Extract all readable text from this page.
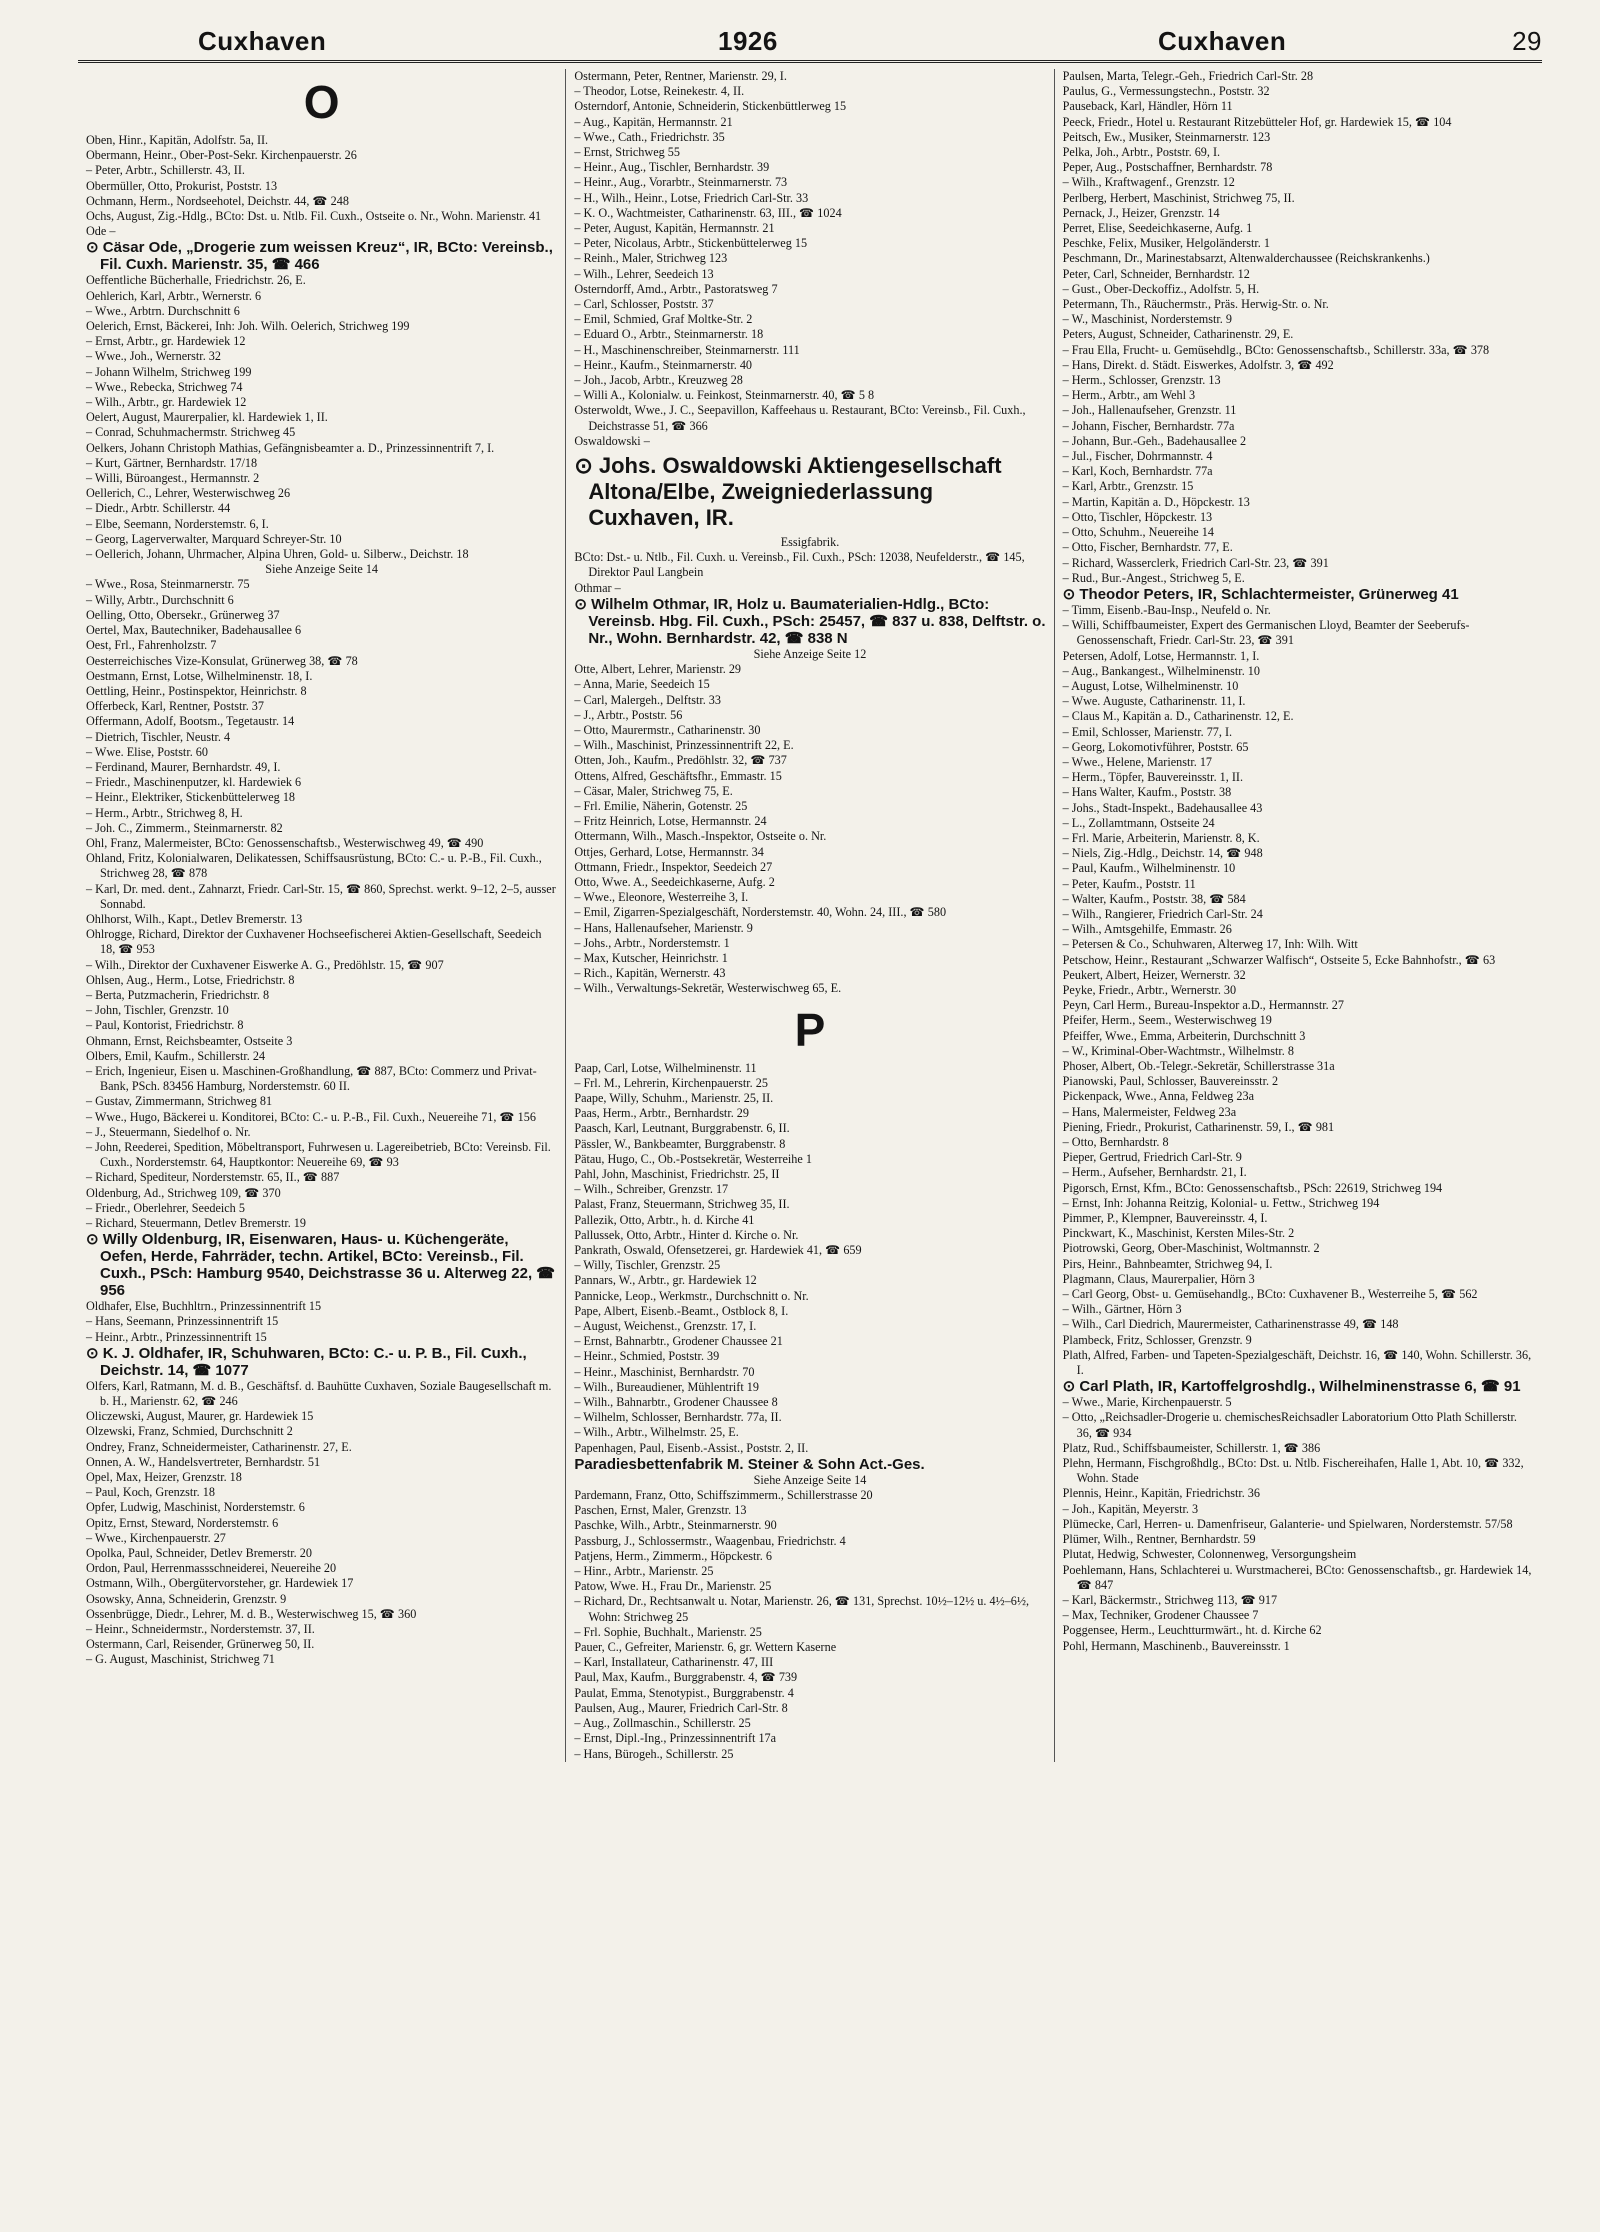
Cuxhaven	1926	Cuxhaven	29

O

Oben, Hinr., Kapitän, Adolfstr. 5a, II.

Obermann, Heinr., Ober-Post-Sekr. Kirchenpauerstr. 26

– Peter, Arbtr., Schillerstr. 43, II.

Obermüller, Otto, Prokurist, Poststr. 13

Ochmann, Herm., Nordseehotel, Deichstr. 44, ☎ 248

Ochs, August, Zig.-Hdlg., BCto: Dst. u. Ntlb. Fil. Cuxh., Ostseite o. Nr., Wohn. Marienstr. 41

Ode –

⊙ Cäsar Ode, „Drogerie zum weissen Kreuz“, IR, BCto: Vereinsb., Fil. Cuxh. Marienstr. 35, ☎ 466

Oeffentliche Bücherhalle, Friedrichstr. 26, E.

Oehlerich, Karl, Arbtr., Wernerstr. 6

– Wwe., Arbtrn. Durchschnitt 6

Oelerich, Ernst, Bäckerei, Inh: Joh. Wilh. Oelerich, Strichweg 199

– Ernst, Arbtr., gr. Hardewiek 12

– Wwe., Joh., Wernerstr. 32

– Johann Wilhelm, Strichweg 199

– Wwe., Rebecka, Strichweg 74

– Wilh., Arbtr., gr. Hardewiek 12

Oelert, August, Maurerpalier, kl. Hardewiek 1, II.

– Conrad, Schuhmachermstr. Strichweg 45

Oelkers, Johann Christoph Mathias, Gefängnisbeamter a. D., Prinzessinnentrift 7, I.

– Kurt, Gärtner, Bernhardstr. 17/18

– Willi, Büroangest., Hermannstr. 2

Oellerich, C., Lehrer, Westerwischweg 26

– Diedr., Arbtr. Schillerstr. 44

– Elbe, Seemann, Norderstemstr. 6, I.

– Georg, Lagerverwalter, Marquard Schreyer-Str. 10

– Oellerich, Johann, Uhrmacher, Alpina Uhren, Gold- u. Silberw., Deichstr. 18

Siehe Anzeige Seite 14

– Wwe., Rosa, Steinmarnerstr. 75

– Willy, Arbtr., Durchschnitt 6

Oelling, Otto, Obersekr., Grünerweg 37

Oertel, Max, Bautechniker, Badehausallee 6

Oest, Frl., Fahrenholzstr. 7

Oesterreichisches Vize-Konsulat, Grünerweg 38, ☎ 78

Oestmann, Ernst, Lotse, Wilhelminenstr. 18, I.

Oettling, Heinr., Postinspektor, Heinrichstr. 8

Offerbeck, Karl, Rentner, Poststr. 37

Offermann, Adolf, Bootsm., Tegetaustr. 14

– Dietrich, Tischler, Neustr. 4

– Wwe. Elise, Poststr. 60

– Ferdinand, Maurer, Bernhardstr. 49, I.

– Friedr., Maschinenputzer, kl. Hardewiek 6

– Heinr., Elektriker, Stickenbüttelerweg 18

– Herm., Arbtr., Strichweg 8, H.

– Joh. C., Zimmerm., Steinmarnerstr. 82

Ohl, Franz, Malermeister, BCto: Genossenschaftsb., Westerwischweg 49, ☎ 490

Ohland, Fritz, Kolonialwaren, Delikatessen, Schiffsausrüstung, BCto: C.- u. P.-B., Fil. Cuxh., Strichweg 28, ☎ 878

– Karl, Dr. med. dent., Zahnarzt, Friedr. Carl-Str. 15, ☎ 860, Sprechst. werkt. 9–12, 2–5, ausser Sonnabd.

Ohlhorst, Wilh., Kapt., Detlev Bremerstr. 13

Ohlrogge, Richard, Direktor der Cuxhavener Hochseefischerei Aktien-Gesellschaft, Seedeich 18, ☎ 953

– Wilh., Direktor der Cuxhavener Eiswerke A. G., Predöhlstr. 15, ☎ 907

Ohlsen, Aug., Herm., Lotse, Friedrichstr. 8

– Berta, Putzmacherin, Friedrichstr. 8

– John, Tischler, Grenzstr. 10

– Paul, Kontorist, Friedrichstr. 8

Ohmann, Ernst, Reichsbeamter, Ostseite 3

Olbers, Emil, Kaufm., Schillerstr. 24

– Erich, Ingenieur, Eisen u. Maschinen-Großhandlung, ☎ 887, BCto: Commerz und Privat-Bank, PSch. 83456 Hamburg, Norderstemstr. 60 II.

– Gustav, Zimmermann, Strichweg 81

– Wwe., Hugo, Bäckerei u. Konditorei, BCto: C.- u. P.-B., Fil. Cuxh., Neuereihe 71, ☎ 156

– J., Steuermann, Siedelhof o. Nr.

– John, Reederei, Spedition, Möbeltransport, Fuhrwesen u. Lagereibetrieb, BCto: Vereinsb. Fil. Cuxh., Norderstemstr. 64, Hauptkontor: Neuereihe 69, ☎ 93

– Richard, Spediteur, Norderstemstr. 65, II., ☎ 887

Oldenburg, Ad., Strichweg 109, ☎ 370

– Friedr., Oberlehrer, Seedeich 5

– Richard, Steuermann, Detlev Bremerstr. 19

⊙ Willy Oldenburg, IR, Eisenwaren, Haus- u. Küchengeräte, Oefen, Herde, Fahrräder, techn. Artikel, BCto: Vereinsb., Fil. Cuxh., PSch: Hamburg 9540, Deichstrasse 36 u. Alterweg 22, ☎ 956

Oldhafer, Else, Buchhltrn., Prinzessinnentrift 15

– Hans, Seemann, Prinzessinnentrift 15

– Heinr., Arbtr., Prinzessinnentrift 15

⊙ K. J. Oldhafer, IR, Schuhwaren, BCto: C.- u. P. B., Fil. Cuxh., Deichstr. 14, ☎ 1077

Olfers, Karl, Ratmann, M. d. B., Geschäftsf. d. Bauhütte Cuxhaven, Soziale Baugesellschaft m. b. H., Marienstr. 62, ☎ 246

Oliczewski, August, Maurer, gr. Hardewiek 15

Olzewski, Franz, Schmied, Durchschnitt 2

Ondrey, Franz, Schneidermeister, Catharinenstr. 27, E.

Onnen, A. W., Handelsvertreter, Bernhardstr. 51

Opel, Max, Heizer, Grenzstr. 18

– Paul, Koch, Grenzstr. 18

Opfer, Ludwig, Maschinist, Norderstemstr. 6

Opitz, Ernst, Steward, Norderstemstr. 6

– Wwe., Kirchenpauerstr. 27

Opolka, Paul, Schneider, Detlev Bremerstr. 20

Ordon, Paul, Herrenmassschneiderei, Neuereihe 20

Ostmann, Wilh., Obergütervorsteher, gr. Hardewiek 17

Osowsky, Anna, Schneiderin, Grenzstr. 9

Ossenbrügge, Diedr., Lehrer, M. d. B., Westerwischweg 15, ☎ 360

– Heinr., Schneidermstr., Norderstemstr. 37, II.

Ostermann, Carl, Reisender, Grünerweg 50, II.

– G. August, Maschinist, Strichweg 71

Ostermann, Peter, Rentner, Marienstr. 29, I.

– Theodor, Lotse, Reinekestr. 4, II.

Osterndorf, Antonie, Schneiderin, Stickenbüttlerweg 15

– Aug., Kapitän, Hermannstr. 21

– Wwe., Cath., Friedrichstr. 35

– Ernst, Strichweg 55

– Heinr., Aug., Tischler, Bernhardstr. 39

– Heinr., Aug., Vorarbtr., Steinmarnerstr. 73

– H., Wilh., Heinr., Lotse, Friedrich Carl-Str. 33

– K. O., Wachtmeister, Catharinenstr. 63, III., ☎ 1024

– Peter, August, Kapitän, Hermannstr. 21

– Peter, Nicolaus, Arbtr., Stickenbüttelerweg 15

– Reinh., Maler, Strichweg 123

– Wilh., Lehrer, Seedeich 13

Osterndorff, Amd., Arbtr., Pastoratsweg 7

– Carl, Schlosser, Poststr. 37

– Emil, Schmied, Graf Moltke-Str. 2

– Eduard O., Arbtr., Steinmarnerstr. 18

– H., Maschinenschreiber, Steinmarnerstr. 111

– Heinr., Kaufm., Steinmarnerstr. 40

– Joh., Jacob, Arbtr., Kreuzweg 28

– Willi A., Kolonialw. u. Feinkost, Steinmarnerstr. 40, ☎ 5 8

Osterwoldt, Wwe., J. C., Seepavillon, Kaffeehaus u. Restaurant, BCto: Vereinsb., Fil. Cuxh., Deichstrasse 51, ☎ 366

Oswaldowski –

⊙ Johs. Oswaldowski Aktiengesellschaft Altona/Elbe, Zweigniederlassung Cuxhaven, IR.

Essigfabrik.

BCto: Dst.- u. Ntlb., Fil. Cuxh. u. Vereinsb., Fil. Cuxh., PSch: 12038, Neufelderstr., ☎ 145, Direktor Paul Langbein

Othmar –

⊙ Wilhelm Othmar, IR, Holz u. Baumaterialien-Hdlg., BCto: Vereinsb. Hbg. Fil. Cuxh., PSch: 25457, ☎ 837 u. 838, Delftstr. o. Nr., Wohn. Bernhardstr. 42, ☎ 838 N

Siehe Anzeige Seite 12

Otte, Albert, Lehrer, Marienstr. 29

– Anna, Marie, Seedeich 15

– Carl, Malergeh., Delftstr. 33

– J., Arbtr., Poststr. 56

– Otto, Maurermstr., Catharinenstr. 30

– Wilh., Maschinist, Prinzessinnentrift 22, E.

Otten, Joh., Kaufm., Predöhlstr. 32, ☎ 737

Ottens, Alfred, Geschäftsfhr., Emmastr. 15

– Cäsar, Maler, Strichweg 75, E.

– Frl. Emilie, Näherin, Gotenstr. 25

– Fritz Heinrich, Lotse, Hermannstr. 24

Ottermann, Wilh., Masch.-Inspektor, Ostseite o. Nr.

Ottjes, Gerhard, Lotse, Hermannstr. 34

Ottmann, Friedr., Inspektor, Seedeich 27

Otto, Wwe. A., Seedeichkaserne, Aufg. 2

– Wwe., Eleonore, Westerreihe 3, I.

– Emil, Zigarren-Spezialgeschäft, Norderstemstr. 40, Wohn. 24, III., ☎ 580

– Hans, Hallenaufseher, Marienstr. 9

– Johs., Arbtr., Norderstemstr. 1

– Max, Kutscher, Heinrichstr. 1

– Rich., Kapitän, Wernerstr. 43

– Wilh., Verwaltungs-Sekretär, Westerwischweg 65, E.

P

Paap, Carl, Lotse, Wilhelminenstr. 11

– Frl. M., Lehrerin, Kirchenpauerstr. 25

Paape, Willy, Schuhm., Marienstr. 25, II.

Paas, Herm., Arbtr., Bernhardstr. 29

Paasch, Karl, Leutnant, Burggrabenstr. 6, II.

Pässler, W., Bankbeamter, Burggrabenstr. 8

Pätau, Hugo, C., Ob.-Postsekretär, Westerreihe 1

Pahl, John, Maschinist, Friedrichstr. 25, II

– Wilh., Schreiber, Grenzstr. 17

Palast, Franz, Steuermann, Strichweg 35, II.

Pallezik, Otto, Arbtr., h. d. Kirche 41

Pallussek, Otto, Arbtr., Hinter d. Kirche o. Nr.

Pankrath, Oswald, Ofensetzerei, gr. Hardewiek 41, ☎ 659

– Willy, Tischler, Grenzstr. 25

Pannars, W., Arbtr., gr. Hardewiek 12

Pannicke, Leop., Werkmstr., Durchschnitt o. Nr.

Pape, Albert, Eisenb.-Beamt., Ostblock 8, I.

– August, Weichenst., Grenzstr. 17, I.

– Ernst, Bahnarbtr., Grodener Chaussee 21

– Heinr., Schmied, Poststr. 39

– Heinr., Maschinist, Bernhardstr. 70

– Wilh., Bureaudiener, Mühlentrift 19

– Wilh., Bahnarbtr., Grodener Chaussee 8

– Wilhelm, Schlosser, Bernhardstr. 77a, II.

– Wilh., Arbtr., Wilhelmstr. 25, E.

Papenhagen, Paul, Eisenb.-Assist., Poststr. 2, II.

Paradiesbettenfabrik M. Steiner & Sohn Act.-Ges.

Siehe Anzeige Seite 14

Pardemann, Franz, Otto, Schiffszimmerm., Schillerstrasse 20

Paschen, Ernst, Maler, Grenzstr. 13

Paschke, Wilh., Arbtr., Steinmarnerstr. 90

Passburg, J., Schlossermstr., Waagenbau, Friedrichstr. 4

Patjens, Herm., Zimmerm., Höpckestr. 6

– Hinr., Arbtr., Marienstr. 25

Patow, Wwe. H., Frau Dr., Marienstr. 25

– Richard, Dr., Rechtsanwalt u. Notar, Marienstr. 26, ☎ 131, Sprechst. 10½–12½ u. 4½–6½, Wohn: Strichweg 25

– Frl. Sophie, Buchhalt., Marienstr. 25

Pauer, C., Gefreiter, Marienstr. 6, gr. Wettern Kaserne

– Karl, Installateur, Catharinenstr. 47, III

Paul, Max, Kaufm., Burggrabenstr. 4, ☎ 739

Paulat, Emma, Stenotypist., Burggrabenstr. 4

Paulsen, Aug., Maurer, Friedrich Carl-Str. 8

– Aug., Zollmaschin., Schillerstr. 25

– Ernst, Dipl.-Ing., Prinzessinnentrift 17a

– Hans, Bürogeh., Schillerstr. 25

Paulsen, Marta, Telegr.-Geh., Friedrich Carl-Str. 28

Paulus, G., Vermessungstechn., Poststr. 32

Pauseback, Karl, Händler, Hörn 11

Peeck, Friedr., Hotel u. Restaurant Ritzebütteler Hof, gr. Hardewiek 15, ☎ 104

Peitsch, Ew., Musiker, Steinmarnerstr. 123

Pelka, Joh., Arbtr., Poststr. 69, I.

Peper, Aug., Postschaffner, Bernhardstr. 78

– Wilh., Kraftwagenf., Grenzstr. 12

Perlberg, Herbert, Maschinist, Strichweg 75, II.

Pernack, J., Heizer, Grenzstr. 14

Perret, Elise, Seedeichkaserne, Aufg. 1

Peschke, Felix, Musiker, Helgoländerstr. 1

Peschmann, Dr., Marinestabsarzt, Altenwalderchaussee (Reichskrankenhs.)

Peter, Carl, Schneider, Bernhardstr. 12

– Gust., Ober-Deckoffiz., Adolfstr. 5, H.

Petermann, Th., Räuchermstr., Präs. Herwig-Str. o. Nr.

– W., Maschinist, Norderstemstr. 9

Peters, August, Schneider, Catharinenstr. 29, E.

– Frau Ella, Frucht- u. Gemüsehdlg., BCto: Genossenschaftsb., Schillerstr. 33a, ☎ 378

– Hans, Direkt. d. Städt. Eiswerkes, Adolfstr. 3, ☎ 492

– Herm., Schlosser, Grenzstr. 13

– Herm., Arbtr., am Wehl 3

– Joh., Hallenaufseher, Grenzstr. 11

– Johann, Fischer, Bernhardstr. 77a

– Johann, Bur.-Geh., Badehausallee 2

– Jul., Fischer, Dohrmannstr. 4

– Karl, Koch, Bernhardstr. 77a

– Karl, Arbtr., Grenzstr. 15

– Martin, Kapitän a. D., Höpckestr. 13

– Otto, Tischler, Höpckestr. 13

– Otto, Schuhm., Neuereihe 14

– Otto, Fischer, Bernhardstr. 77, E.

– Richard, Wasserclerk, Friedrich Carl-Str. 23, ☎ 391

– Rud., Bur.-Angest., Strichweg 5, E.

⊙ Theodor Peters, IR, Schlachtermeister, Grünerweg 41

– Timm, Eisenb.-Bau-Insp., Neufeld o. Nr.

– Willi, Schiffbaumeister, Expert des Germanischen Lloyd, Beamter der Seeberufs-Genossenschaft, Friedr. Carl-Str. 23, ☎ 391

Petersen, Adolf, Lotse, Hermannstr. 1, I.

– Aug., Bankangest., Wilhelminenstr. 10

– August, Lotse, Wilhelminenstr. 10

– Wwe. Auguste, Catharinenstr. 11, I.

– Claus M., Kapitän a. D., Catharinenstr. 12, E.

– Emil, Schlosser, Marienstr. 77, I.

– Georg, Lokomotivführer, Poststr. 65

– Wwe., Helene, Marienstr. 17

– Herm., Töpfer, Bauvereinsstr. 1, II.

– Hans Walter, Kaufm., Poststr. 38

– Johs., Stadt-Inspekt., Badehausallee 43

– L., Zollamtmann, Ostseite 24

– Frl. Marie, Arbeiterin, Marienstr. 8, K.

– Niels, Zig.-Hdlg., Deichstr. 14, ☎ 948

– Paul, Kaufm., Wilhelminenstr. 10

– Peter, Kaufm., Poststr. 11

– Walter, Kaufm., Poststr. 38, ☎ 584

– Wilh., Rangierer, Friedrich Carl-Str. 24

– Wilh., Amtsgehilfe, Emmastr. 26

– Petersen & Co., Schuhwaren, Alterweg 17, Inh: Wilh. Witt

Petschow, Heinr., Restaurant „Schwarzer Walfisch“, Ostseite 5, Ecke Bahnhofstr., ☎ 63

Peukert, Albert, Heizer, Wernerstr. 32

Peyke, Friedr., Arbtr., Wernerstr. 30

Peyn, Carl Herm., Bureau-Inspektor a.D., Hermannstr. 27

Pfeifer, Herm., Seem., Westerwischweg 19

Pfeiffer, Wwe., Emma, Arbeiterin, Durchschnitt 3

– W., Kriminal-Ober-Wachtmstr., Wilhelmstr. 8

Phoser, Albert, Ob.-Telegr.-Sekretär, Schillerstrasse 31a

Pianowski, Paul, Schlosser, Bauvereinsstr. 2

Pickenpack, Wwe., Anna, Feldweg 23a

– Hans, Malermeister, Feldweg 23a

Piening, Friedr., Prokurist, Catharinenstr. 59, I., ☎ 981

– Otto, Bernhardstr. 8

Pieper, Gertrud, Friedrich Carl-Str. 9

– Herm., Aufseher, Bernhardstr. 21, I.

Pigorsch, Ernst, Kfm., BCto: Genossenschaftsb., PSch: 22619, Strichweg 194

– Ernst, Inh: Johanna Reitzig, Kolonial- u. Fettw., Strichweg 194

Pimmer, P., Klempner, Bauvereinsstr. 4, I.

Pinckwart, K., Maschinist, Kersten Miles-Str. 2

Piotrowski, Georg, Ober-Maschinist, Woltmannstr. 2

Pirs, Heinr., Bahnbeamter, Strichweg 94, I.

Plagmann, Claus, Maurerpalier, Hörn 3

– Carl Georg, Obst- u. Gemüsehandlg., BCto: Cuxhavener B., Westerreihe 5, ☎ 562

– Wilh., Gärtner, Hörn 3

– Wilh., Carl Diedrich, Maurermeister, Catharinenstrasse 49, ☎ 148

Plambeck, Fritz, Schlosser, Grenzstr. 9

Plath, Alfred, Farben- und Tapeten-Spezialgeschäft, Deichstr. 16, ☎ 140, Wohn. Schillerstr. 36, I.

⊙ Carl Plath, IR, Kartoffelgroshdlg., Wilhelminenstrasse 6, ☎ 91

– Wwe., Marie, Kirchenpauerstr. 5

– Otto, „Reichsadler-Drogerie u. chemischesReichsadler Laboratorium Otto Plath Schillerstr. 36, ☎ 934

Platz, Rud., Schiffsbaumeister, Schillerstr. 1, ☎ 386

Plehn, Hermann, Fischgroßhdlg., BCto: Dst. u. Ntlb. Fischereihafen, Halle 1, Abt. 10, ☎ 332, Wohn. Stade

Plennis, Heinr., Kapitän, Friedrichstr. 36

– Joh., Kapitän, Meyerstr. 3

Plümecke, Carl, Herren- u. Damenfriseur, Galanterie- und Spielwaren, Norderstemstr. 57/58

Plümer, Wilh., Rentner, Bernhardstr. 59

Plutat, Hedwig, Schwester, Colonnenweg, Versorgungsheim

Poehlemann, Hans, Schlachterei u. Wurstmacherei, BCto: Genossenschaftsb., gr. Hardewiek 14, ☎ 847

– Karl, Bäckermstr., Strichweg 113, ☎ 917

– Max, Techniker, Grodener Chaussee 7

Poggensee, Herm., Leuchtturmwärt., ht. d. Kirche 62

Pohl, Hermann, Maschinenb., Bauvereinsstr. 1
